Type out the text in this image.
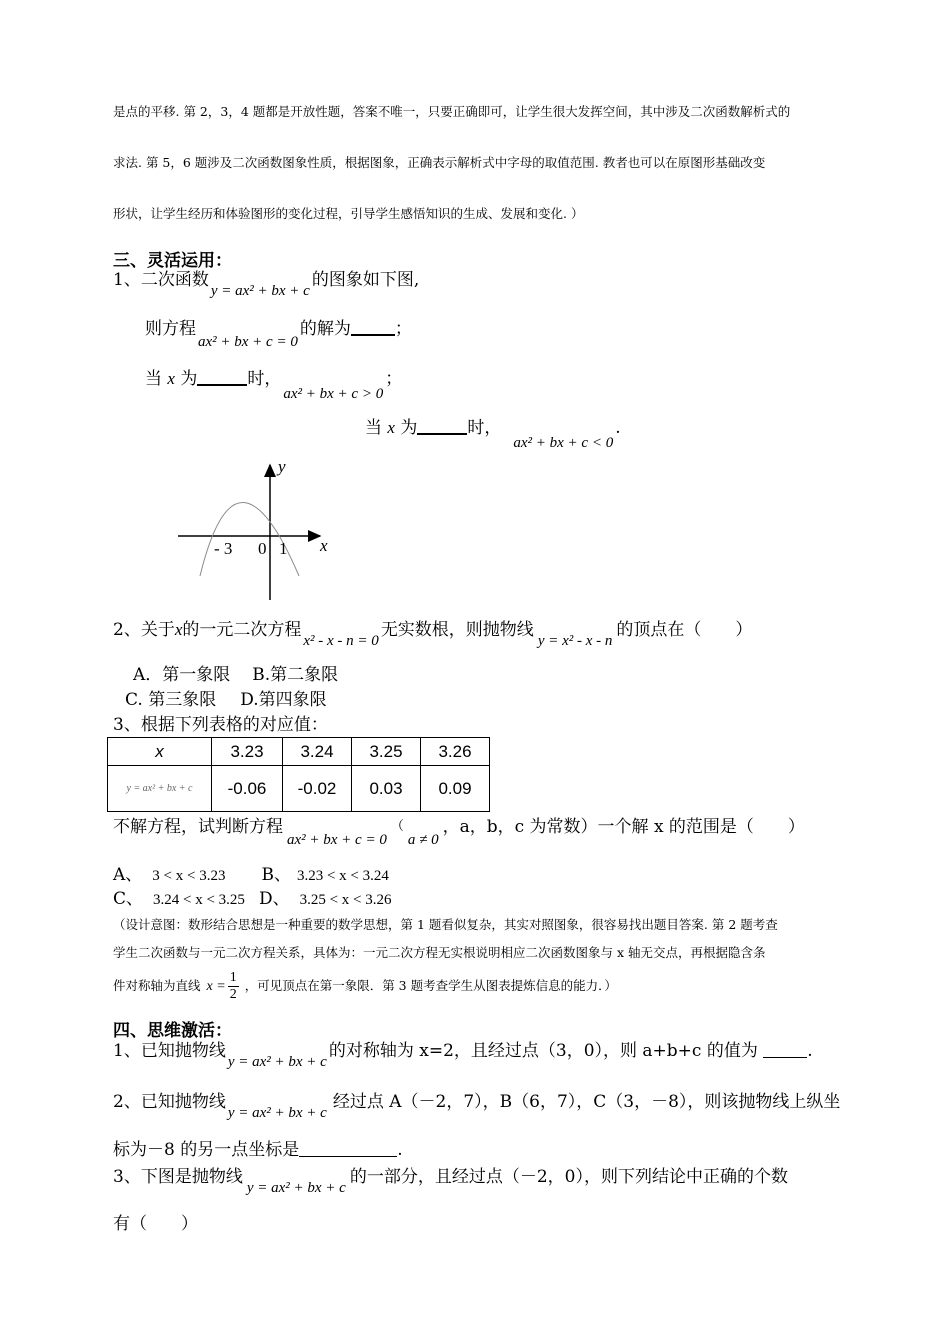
是点的平移. 第 2，3，4 题都是开放性题，答案不唯一，只要正确即可，让学生很大发挥空间，其中涉及二次函数解析式的
求法. 第 5，6 题涉及二次函数图象性质，根据图象，正确表示解析式中字母的取值范围. 教者也可以在原图形基础改变
形状，让学生经历和体验图形的变化过程，引导学生感悟知识的生成、发展和变化. ）
三、灵活运用：
1、二次函数y = ax² + bx + c的图象如下图,
则方程ax² + bx + c = 0的解为	；
当 x 为	时，ax² + bx + c > 0；
当 x 为	时，ax² + bx + c < 0.
y
x
- 3 0 1
2、关于x的一元二次方程x² - x - n = 0无实数根，则抛物线y = x² - x - n的顶点在（　　）
A．第一象限 B.第二象限
C. 第三象限 D.第四象限
3、根据下列表格的对应值：
x	3.23	3.24	3.25	3.26
y = ax² + bx + c	-0.06	-0.02	0.03	0.09
不解方程，试判断方程ax² + bx + c = 0（a ≠ 0，a，b，c 为常数）一个解 x 的范围是（　　）
A、 3 < x < 3.23 B、 3.23 < x < 3.24
C、 3.24 < x < 3.25 D、 3.25 < x < 3.26
（设计意图：数形结合思想是一种重要的数学思想，第 1 题看似复杂，其实对照图象，很容易找出题目答案. 第 2 题考查
学生二次函数与一元二次方程关系，具体为：一元二次方程无实根说明相应二次函数图象与 x 轴无交点，再根据隐含条
件对称轴为直线 $x = \frac{1}{2}$ ，可见顶点在第一象限．第 3 题考查学生从图表提炼信息的能力．）
四、思维激活：
1、已知抛物线y = ax² + bx + c的对称轴为 x=2，且经过点（3，0），则 a+b+c 的值为	.
2、已知抛物线y = ax² + bx + c经过点 A（－2，7），B（6，7），C（3，－8），则该抛物线上纵坐
标为－8 的另一点坐标是	.
3、下图是抛物线y = ax² + bx + c的一部分，且经过点（－2，0），则下列结论中正确的个数
有（　　）
